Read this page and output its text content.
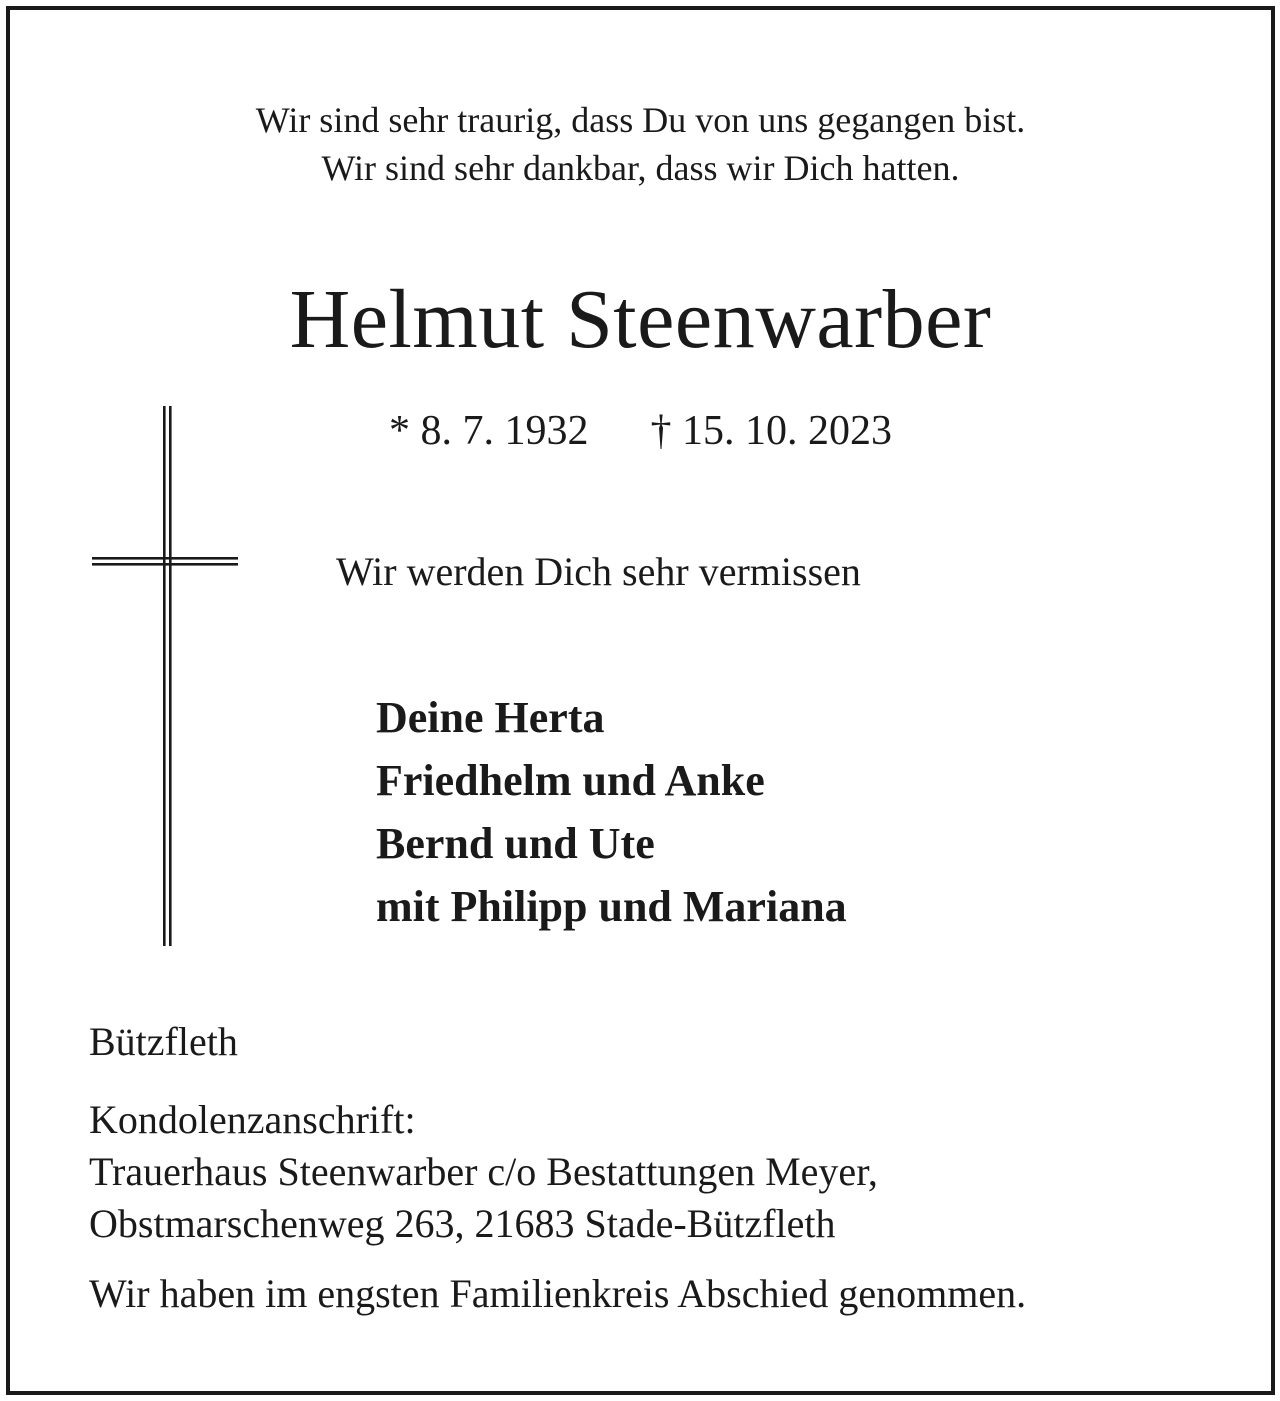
Wir sind sehr traurig, dass Du von uns gegangen bist.
Wir sind sehr dankbar, dass wir Dich hatten.
Helmut Steenwarber
* 8. 7. 1932 † 15. 10. 2023
Wir werden Dich sehr vermissen
Deine Herta
Friedhelm und Anke
Bernd und Ute
mit Philipp und Mariana
Bützfleth
Kondolenzanschrift:
Trauerhaus Steenwarber c/o Bestattungen Meyer,
Obstmarschenweg 263, 21683 Stade-Bützfleth
Wir haben im engsten Familienkreis Abschied genommen.
